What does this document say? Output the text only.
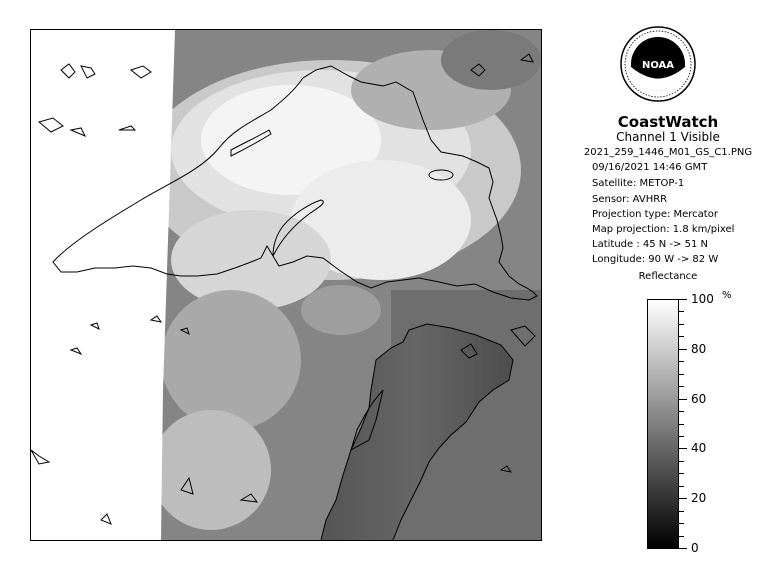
NOAA
CoastWatch
Channel 1 Visible
2021_259_1446_M01_GS_C1.PNG
09/16/2021 14:46 GMT
Satellite: METOP-1
Sensor: AVHRR
Projection type: Mercator
Map projection: 1.8 km/pixel
Latitude : 45 N -> 51 N
Longitude: 90 W -> 82 W
Reflectance
%
100
80
60
40
20
0
